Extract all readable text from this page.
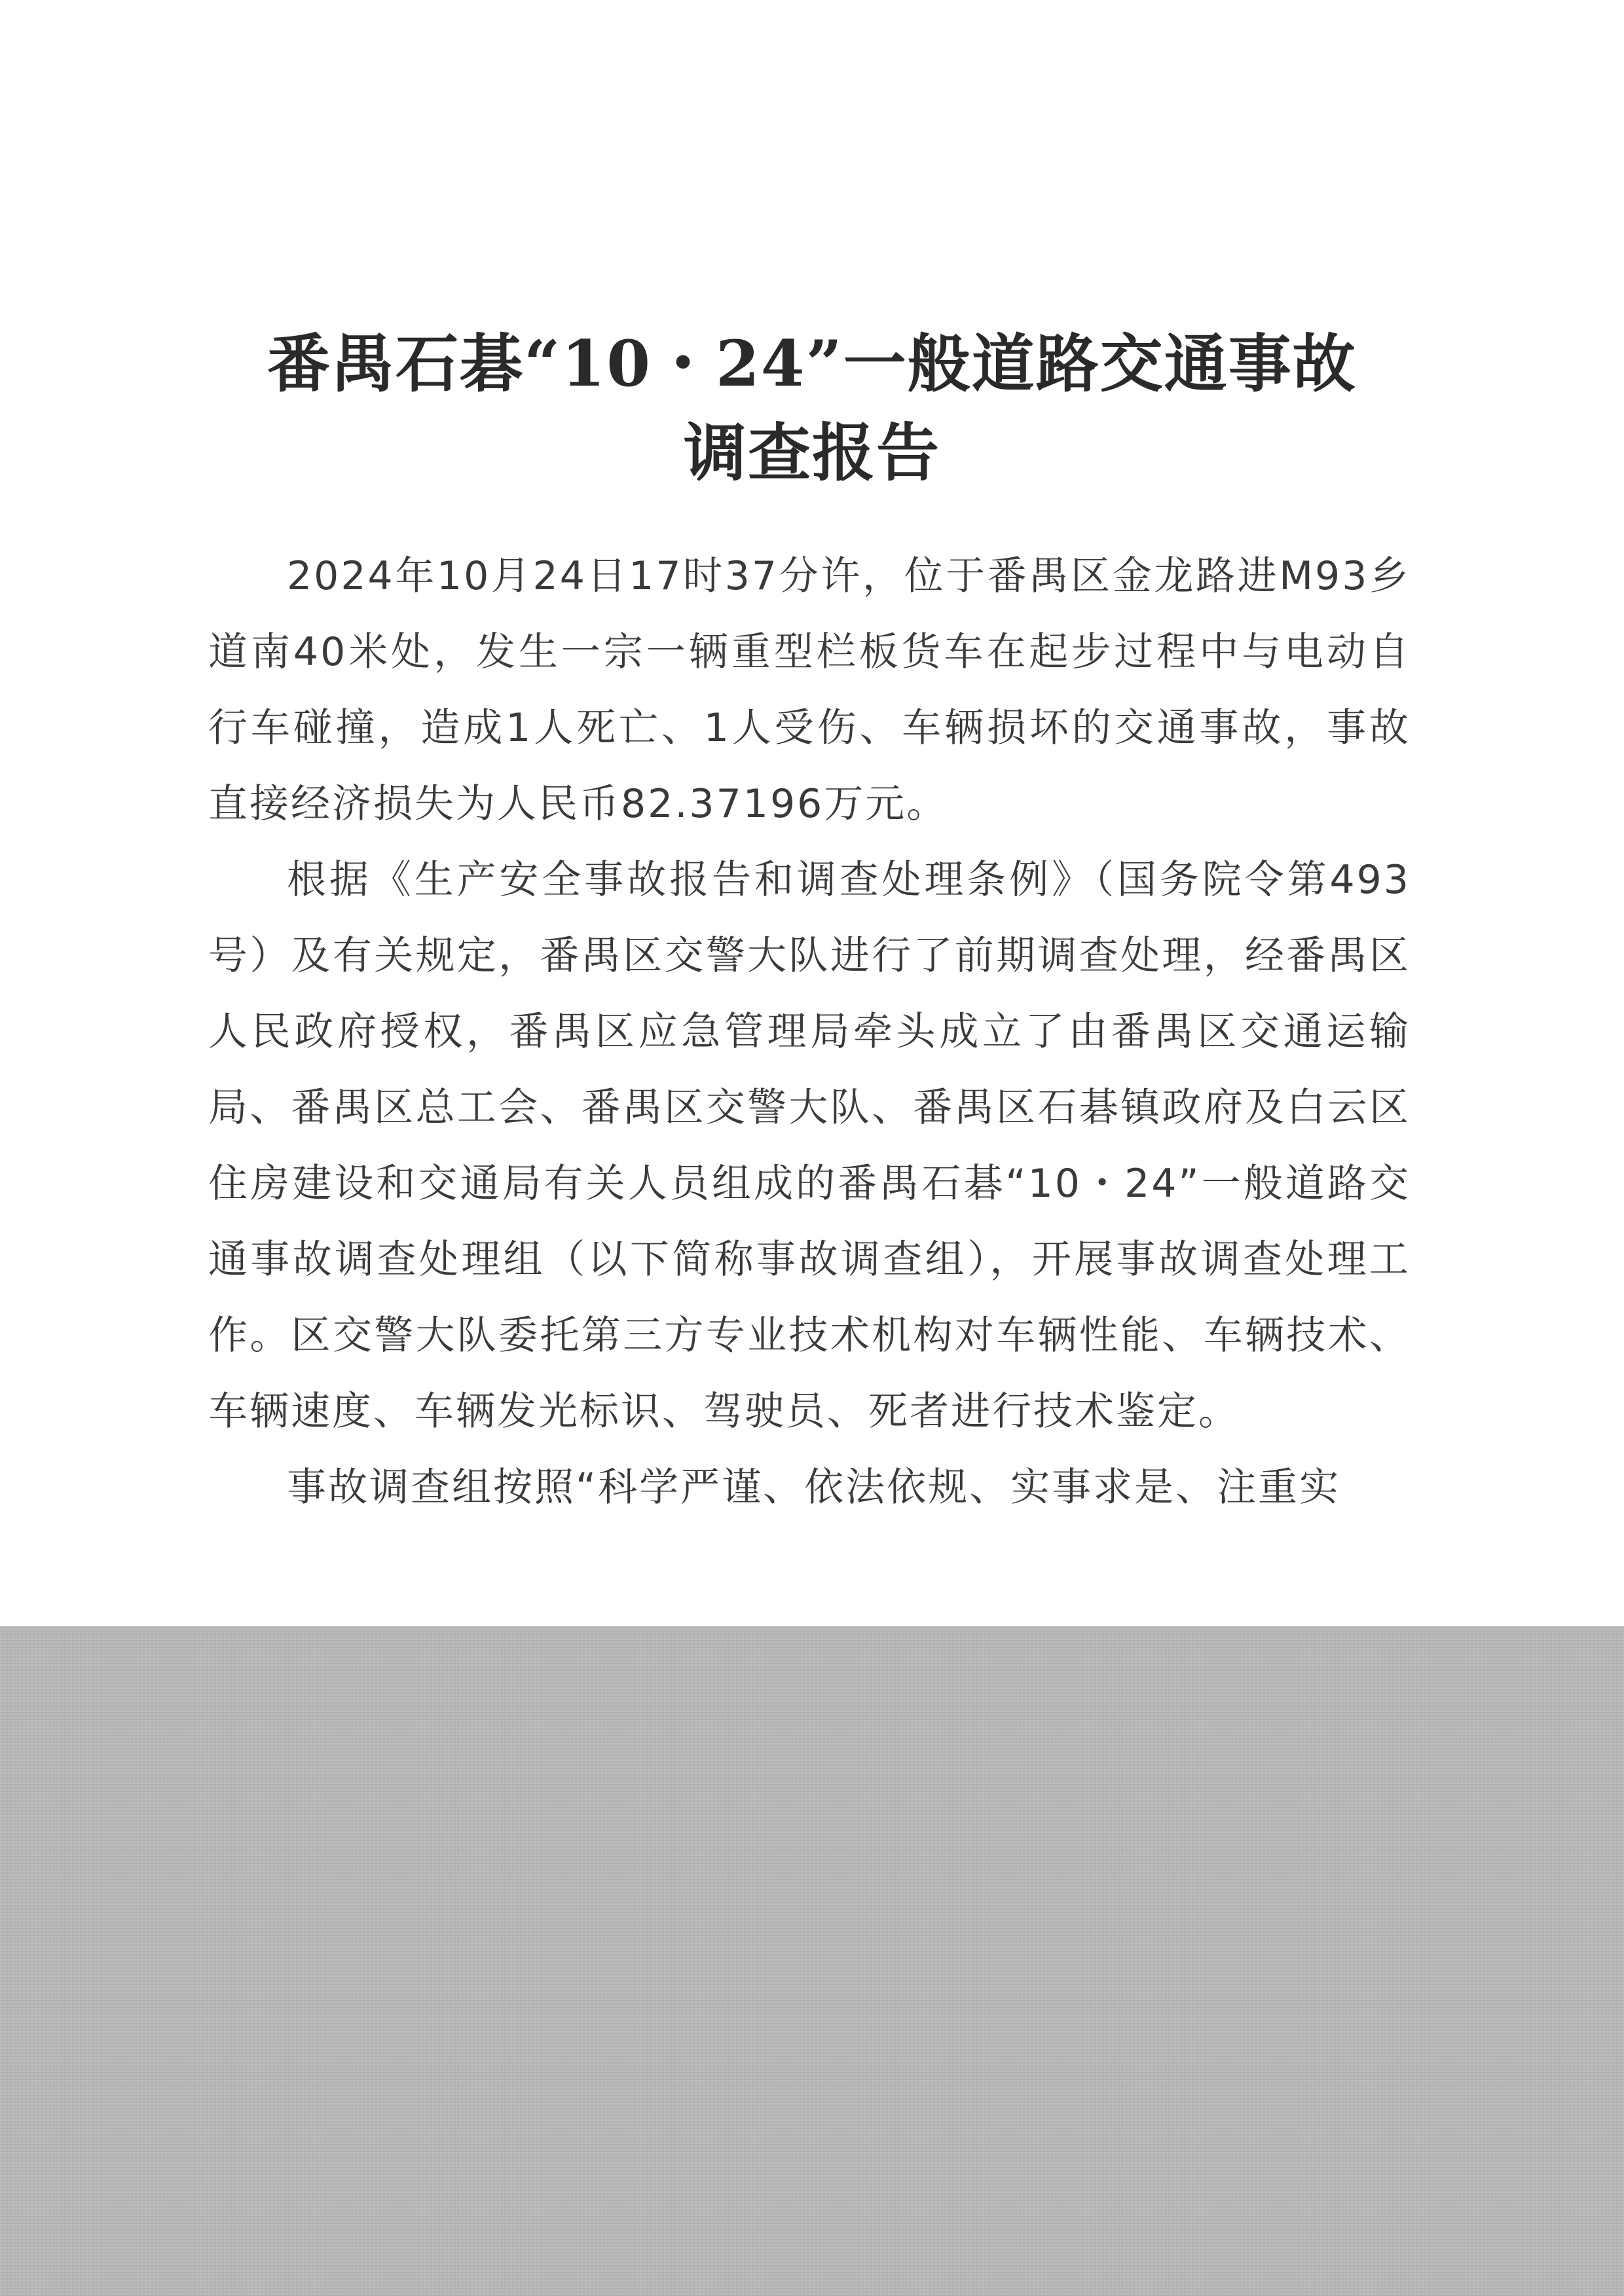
番禺石碁“10・24”一般道路交通事故
调查报告

2024年10月24日17时37分许，位于番禺区金龙路进M93乡道南40米处，发生一宗一辆重型栏板货车在起步过程中与电动自行车碰撞，造成1人死亡、1人受伤、车辆损坏的交通事故，事故直接经济损失为人民币82.37196万元。

根据《生产安全事故报告和调查处理条例》（国务院令第493号）及有关规定，番禺区交警大队进行了前期调查处理，经番禺区人民政府授权，番禺区应急管理局牵头成立了由番禺区交通运输局、番禺区总工会、番禺区交警大队、番禺区石碁镇政府及白云区住房建设和交通局有关人员组成的番禺石碁“10・24”一般道路交通事故调查处理组（以下简称事故调查组），开展事故调查处理工作。区交警大队委托第三方专业技术机构对车辆性能、车辆技术、车辆速度、车辆发光标识、驾驶员、死者进行技术鉴定。

事故调查组按照“科学严谨、依法依规、实事求是、注重实
